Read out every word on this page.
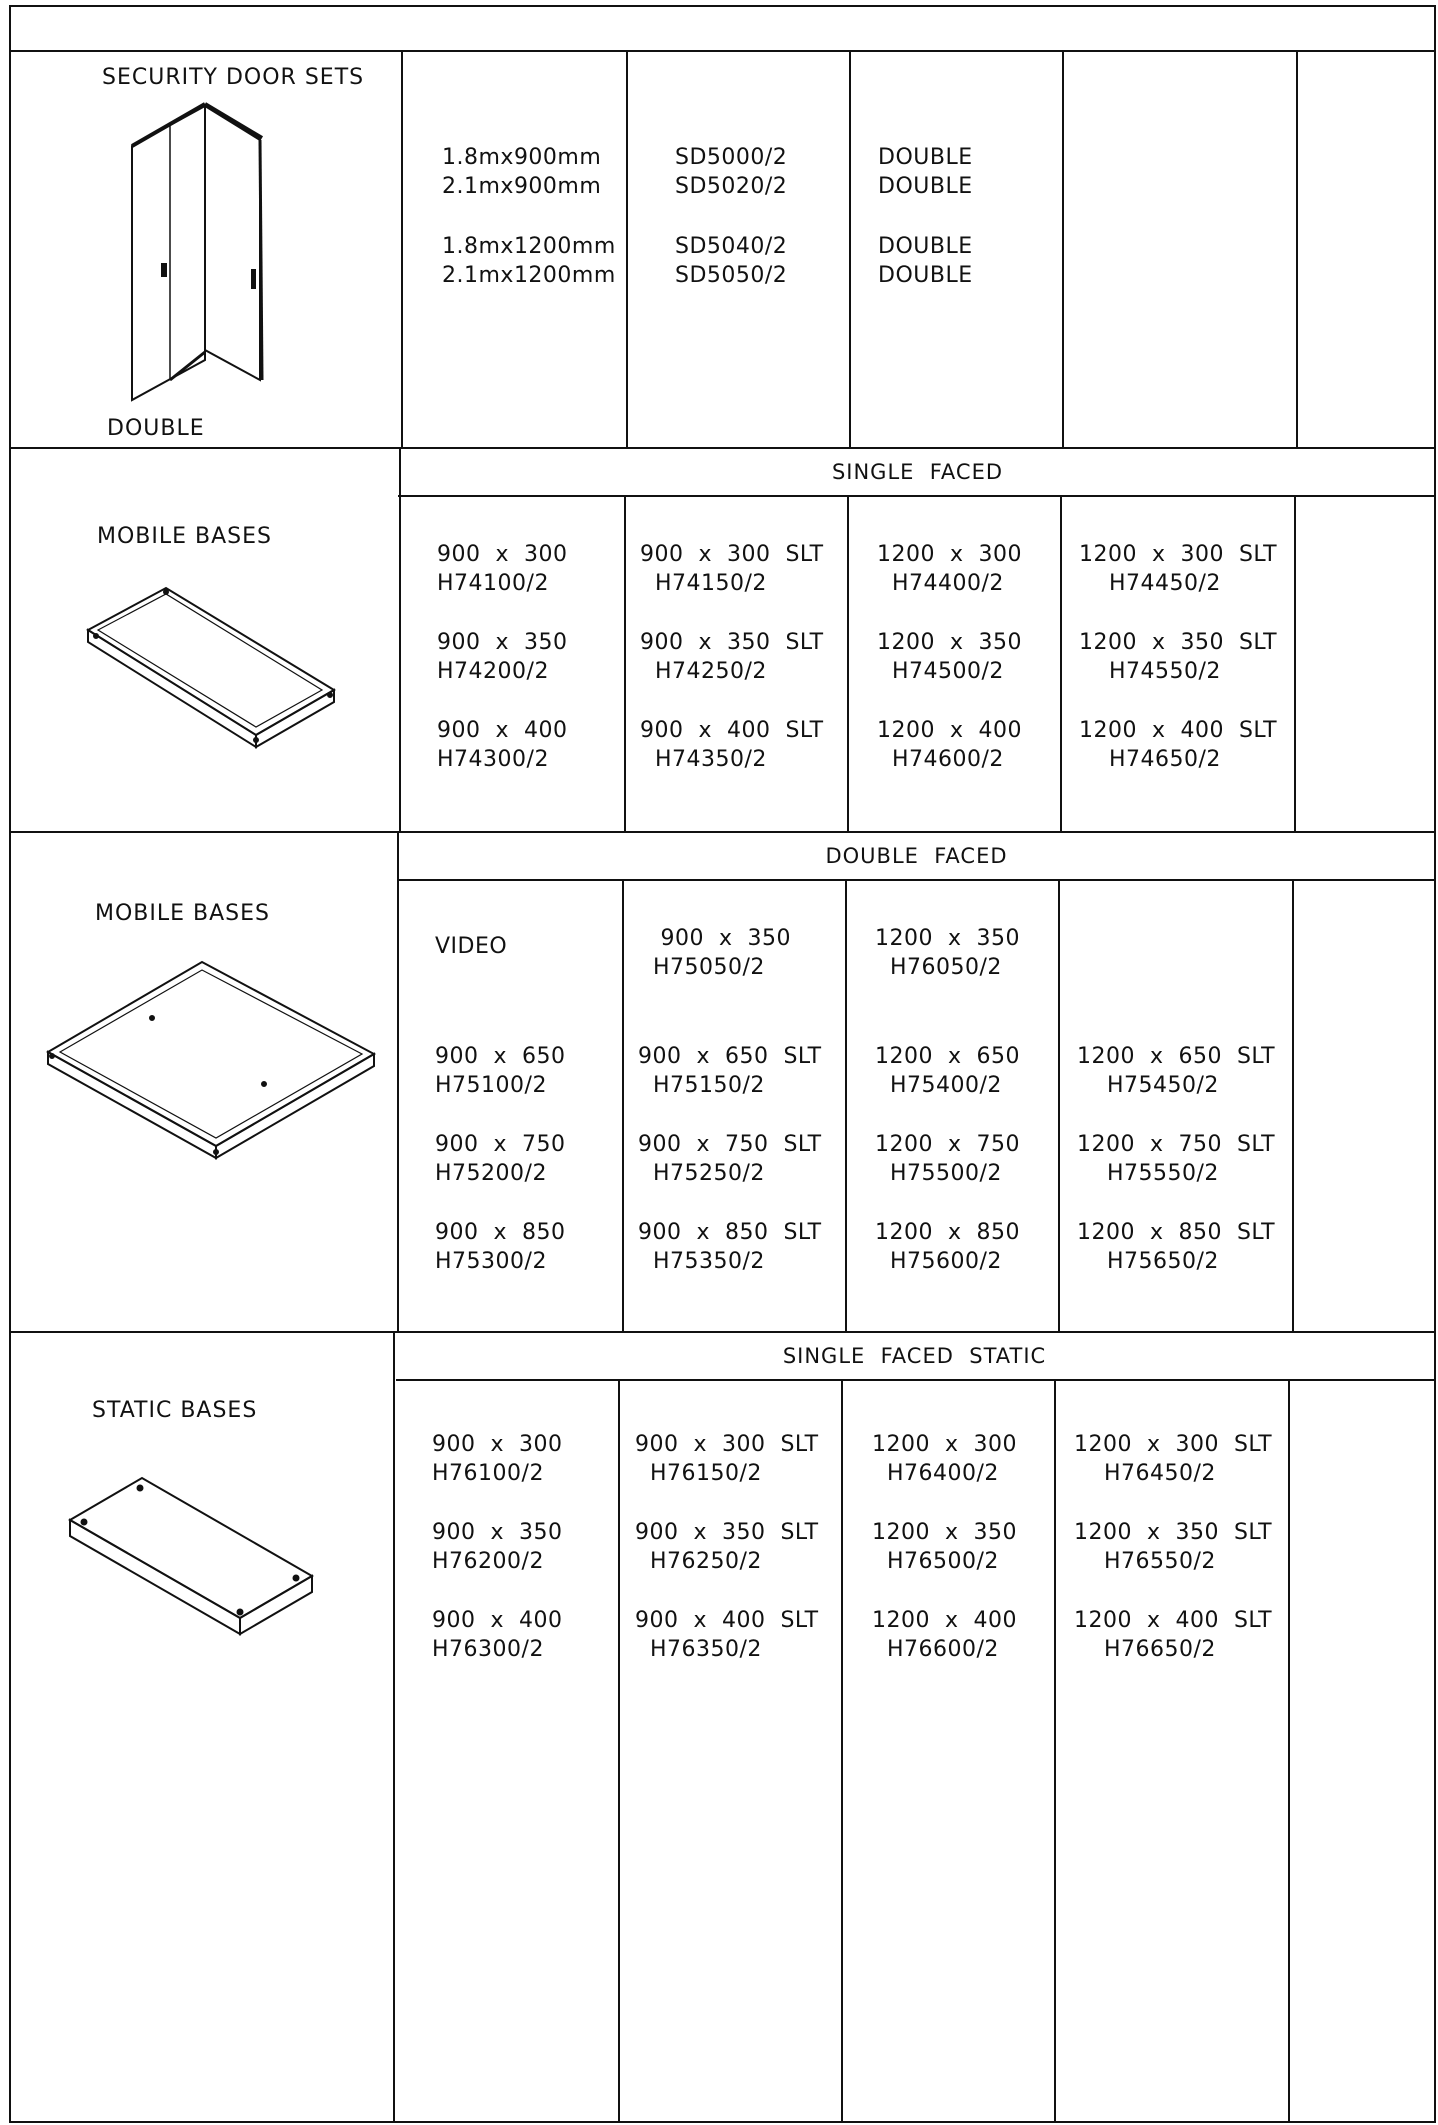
SECURITY DOOR SETS
DOUBLE
MOBILE BASES
MOBILE BASES
STATIC BASES
SINGLE  FACED
DOUBLE  FACED
SINGLE  FACED  STATIC
1.8mx900mm
2.1mx900mm
SD5000/2
SD5020/2
DOUBLE
DOUBLE
1.8mx1200mm
2.1mx1200mm
SD5040/2
SD5050/2
DOUBLE
DOUBLE
900  x  300
H74100/2
900  x  300  SLT
H74150/2
1200  x  300
H74400/2
1200  x  300  SLT
H74450/2
900  x  350
H74200/2
900  x  350  SLT
H74250/2
1200  x  350
H74500/2
1200  x  350  SLT
H74550/2
900  x  400
H74300/2
900  x  400  SLT
H74350/2
1200  x  400
H74600/2
1200  x  400  SLT
H74650/2
VIDEO	900  x  350
H75050/2
1200  x  350
H76050/2
900  x  650
H75100/2
900  x  650  SLT
H75150/2
1200  x  650
H75400/2
1200  x  650  SLT
H75450/2
900  x  750
H75200/2
900  x  750  SLT
H75250/2
1200  x  750
H75500/2
1200  x  750  SLT
H75550/2
900  x  850
H75300/2
900  x  850  SLT
H75350/2
1200  x  850
H75600/2
1200  x  850  SLT
H75650/2
900  x  300
H76100/2
900  x  300  SLT
H76150/2
1200  x  300
H76400/2
1200  x  300  SLT
H76450/2
900  x  350
H76200/2
900  x  350  SLT
H76250/2
1200  x  350
H76500/2
1200  x  350  SLT
H76550/2
900  x  400
H76300/2
900  x  400  SLT
H76350/2
1200  x  400
H76600/2
1200  x  400  SLT
H76650/2
